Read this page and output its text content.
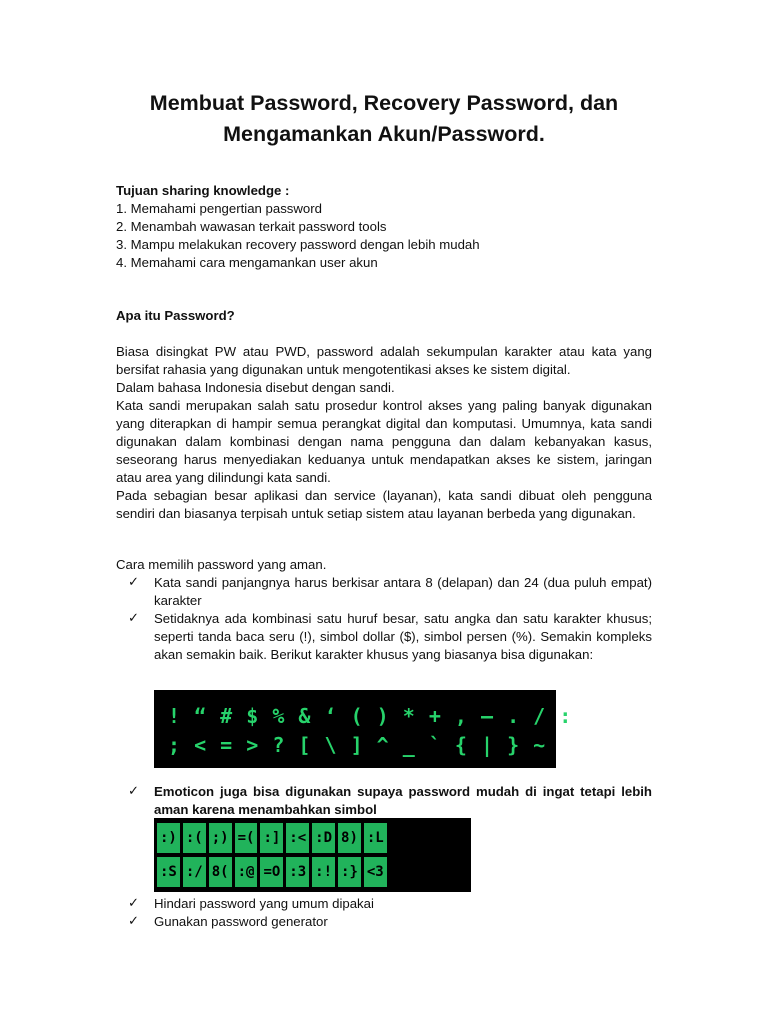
Membuat Password, Recovery Password, dan
Mengamankan Akun/Password.
Tujuan sharing knowledge :
1. Memahami pengertian password
2. Menambah wawasan terkait password tools
3. Mampu melakukan recovery password dengan lebih mudah
4. Memahami cara mengamankan user akun
Apa itu Password?
Biasa disingkat PW atau PWD, password adalah sekumpulan karakter atau kata yang bersifat rahasia yang digunakan untuk mengotentikasi akses ke sistem digital.
Dalam bahasa Indonesia disebut dengan sandi.
Kata sandi merupakan salah satu prosedur kontrol akses yang paling banyak digunakan yang diterapkan di hampir semua perangkat digital dan komputasi. Umumnya, kata sandi digunakan dalam kombinasi dengan nama pengguna dan dalam kebanyakan kasus, seseorang harus menyediakan keduanya untuk mendapatkan akses ke sistem, jaringan atau area yang dilindungi kata sandi.
Pada sebagian besar aplikasi dan service (layanan), kata sandi dibuat oleh pengguna sendiri dan biasanya terpisah untuk setiap sistem atau layanan berbeda yang digunakan.
Cara memilih password yang aman.
✓	Kata sandi panjangnya harus berkisar antara 8 (delapan) dan 24 (dua puluh empat) karakter
✓	Setidaknya ada kombinasi satu huruf besar, satu angka dan satu karakter khusus; seperti tanda baca seru (!), simbol dollar ($), simbol persen (%). Semakin kompleks akan semakin baik. Berikut karakter khusus yang biasanya bisa digunakan:
! “ # $ % & ‘ ( ) * + , – . / :
; < = > ? [ \ ] ^ _ ` { | } ~
✓	Emoticon juga bisa digunakan supaya password mudah di ingat tetapi lebih aman karena menambahkan simbol
:) :( ;) =( :] :< :D 8) :L
:S :/ 8( :@ =O :3 :! :} <3
✓	Hindari password yang umum dipakai
✓	Gunakan password generator
